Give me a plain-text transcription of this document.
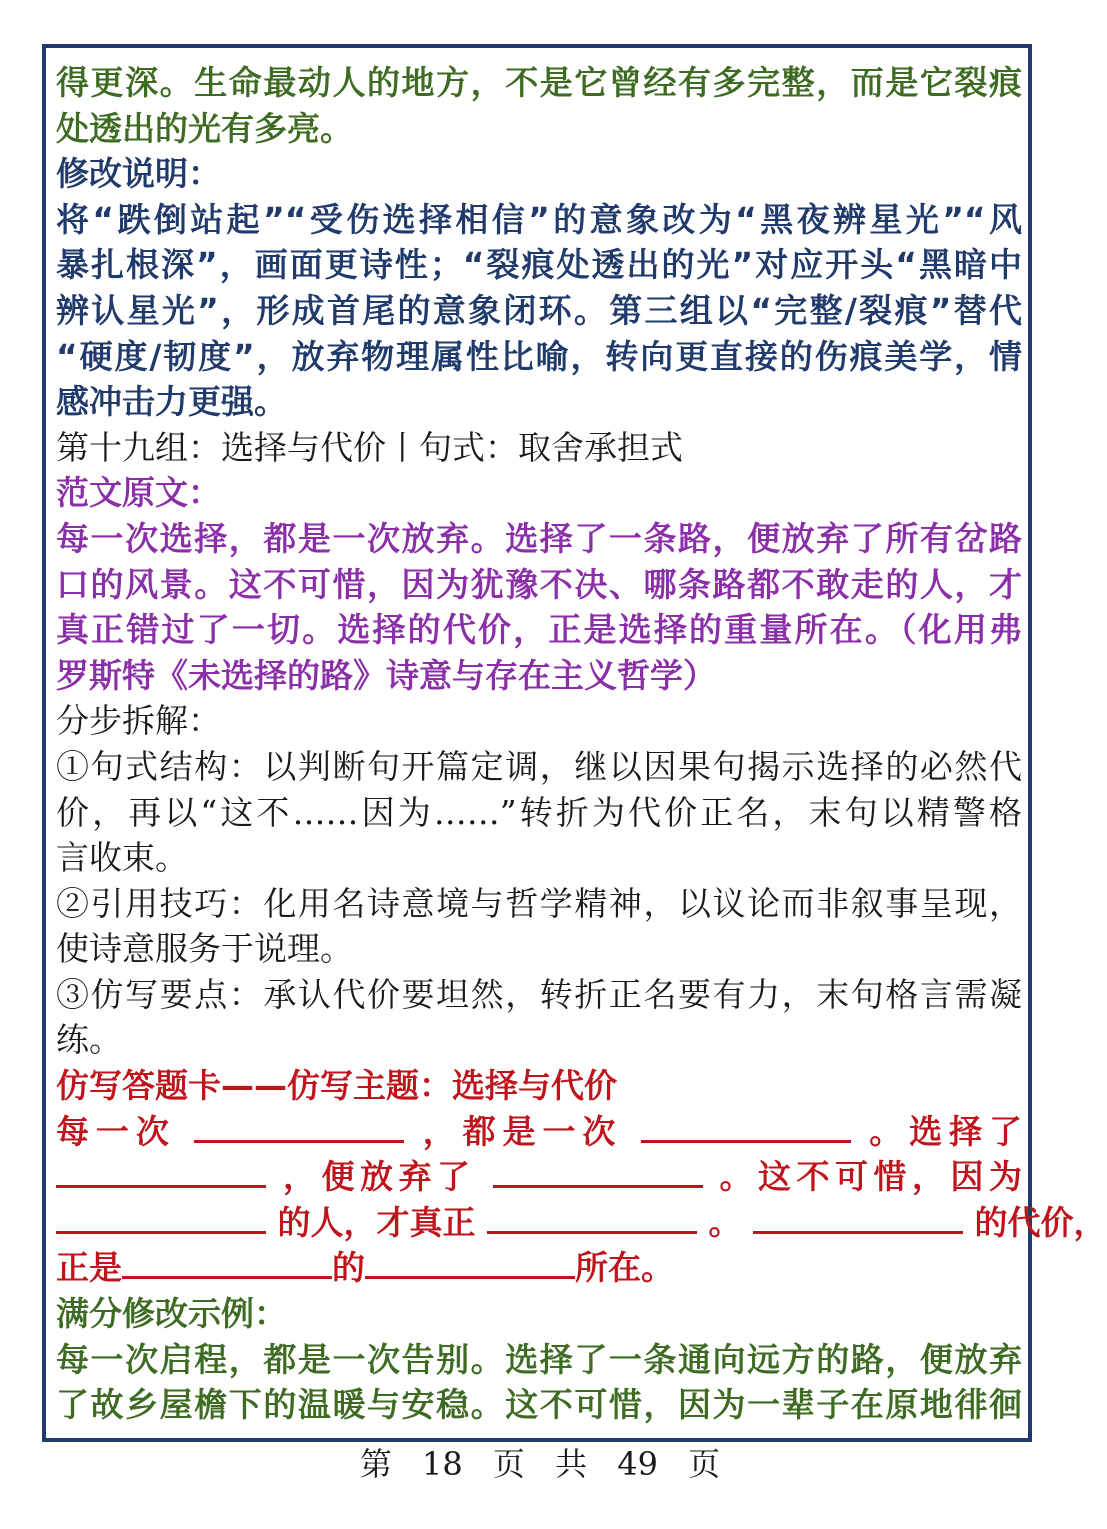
得更深。生命最动人的地方，不是它曾经有多完整，而是它裂痕
处透出的光有多亮。
修改说明：
将“跌倒站起”“受伤选择相信”的意象改为“黑夜辨星光”“风
暴扎根深”，画面更诗性；“裂痕处透出的光”对应开头“黑暗中
辨认星光”，形成首尾的意象闭环。第三组以“完整/裂痕”替代
“硬度/韧度”，放弃物理属性比喻，转向更直接的伤痕美学，情
感冲击力更强。
第十九组：选择与代价丨句式：取舍承担式
范文原文：
每一次选择，都是一次放弃。选择了一条路，便放弃了所有岔路
口的风景。这不可惜，因为犹豫不决、哪条路都不敢走的人，才
真正错过了一切。选择的代价，正是选择的重量所在。（化用弗
罗斯特《未选择的路》诗意与存在主义哲学）
分步拆解：
①句式结构：以判断句开篇定调，继以因果句揭示选择的必然代
价，再以“这不……因为……”转折为代价正名，末句以精警格
言收束。
②引用技巧：化用名诗意境与哲学精神，以议论而非叙事呈现，
使诗意服务于说理。
③仿写要点：承认代价要坦然，转折正名要有力，末句格言需凝
练。
仿写答题卡——仿写主题：选择与代价
每一次	，都是一次	。选择了
，便放弃了	。这不可惜，因为
的人，才真正	。	的代价，
正是	的	所在。
满分修改示例：
每一次启程，都是一次告别。选择了一条通向远方的路，便放弃
了故乡屋檐下的温暖与安稳。这不可惜，因为一辈子在原地徘徊
第 18 页 共 49 页
